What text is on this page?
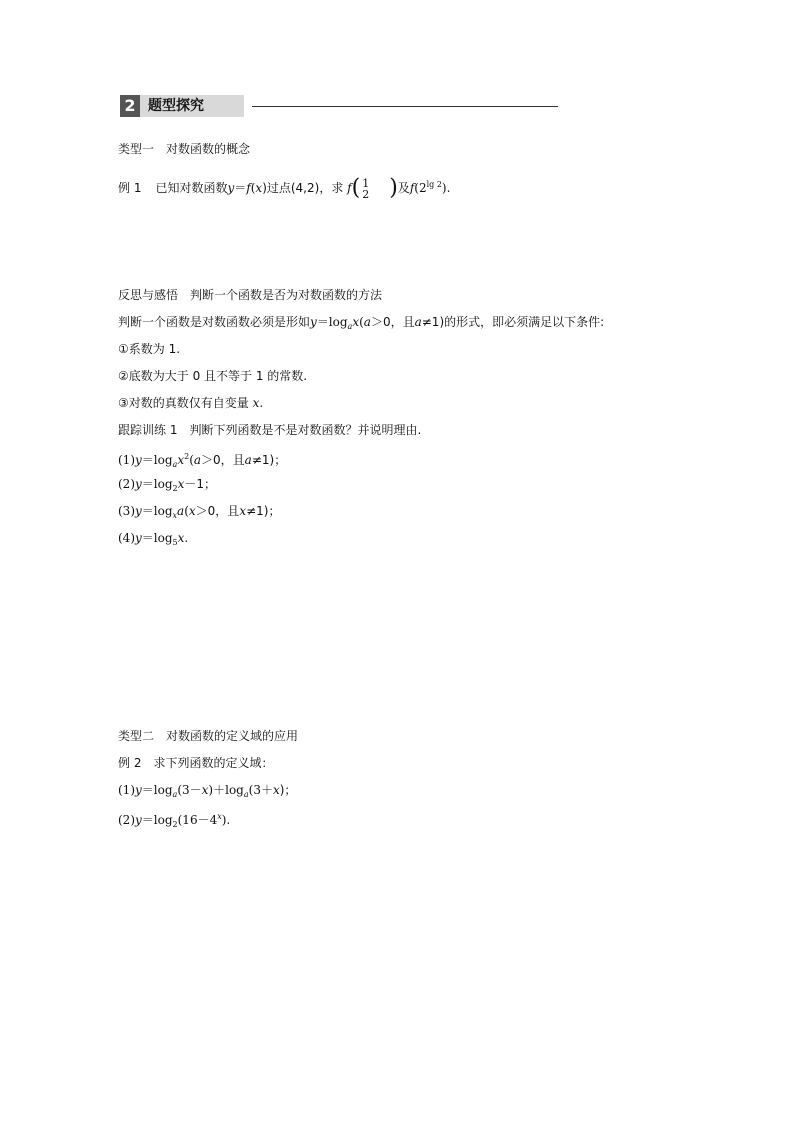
2 题型探究
类型一　对数函数的概念
例 1 已知对数函数y＝f(x)过点(4,2)，求 f( 1
2 )及$f(2^{lg 2})$.
反思与感悟　判断一个函数是否为对数函数的方法
判断一个函数是对数函数必须是形如$y=\log_ax(a>0$，且a≠1)的形式，即必须满足以下条件:
①系数为 1.
②底数为大于 0 且不等于 1 的常数.
③对数的真数仅有自变量 x.
跟踪训练 1　判断下列函数是不是对数函数？并说明理由.
$(1)y=\log_ax^2(a>0$，且a≠1)；
$(2)y=\log_2x-1$；
$(3)y=\log_xa(x>0$，且x≠1)；
$(4)y=\log_5x$.
类型二　对数函数的定义域的应用
例 2　求下列函数的定义域：
$(1)y=\log_a(3-x)+\log_a(3+x)$；
$(2)y=\log_2(16-4^x)$.
